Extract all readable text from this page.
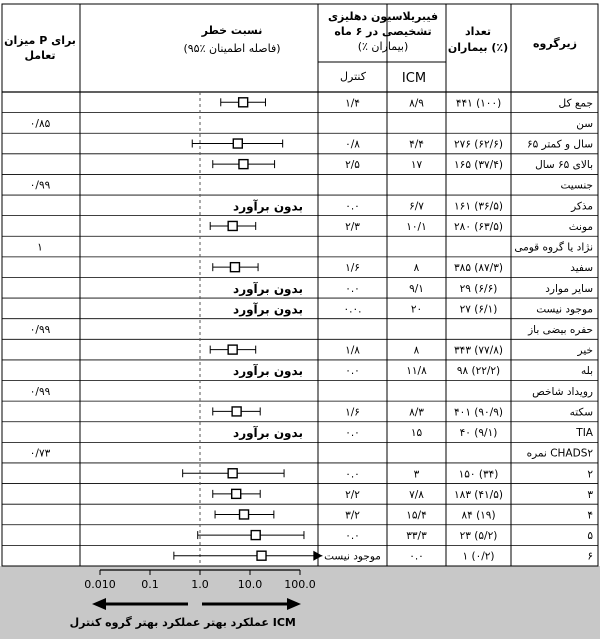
زیرگروه
تعداد
بیماران (٪)
فیبریلاسیون دهلیزی
تشخیصی در ۶ ماه
(٪ بیماران)
ICM
کنترل
نسبت خطر
(۹۵٪ فاصله اطمینان)
میزان P برای
تعامل
جمع کل
۴۴۱ (۱۰۰)
۸/۹
۱/۴
سن
۰/۸۵
۶۵ سال و کمتر
۲۷۶ (۶۲/۶)
۴/۴
۰/۸
بالای ۶۵ سال
۱۶۵ (۳۷/۴)
۱۷
۲/۵
جنسیت
۰/۹۹
مذکر
۱۶۱ (۳۶/۵)
۶/۷
۰.۰
بدون برآورد
مونث
۲۸۰ (۶۳/۵)
۱۰/۱
۲/۳
نژاد یا گروه قومی
۱
سفید
۳۸۵ (۸۷/۳)
۸
۱/۶
سایر موارد
۲۹ (۶/۶)
۹/۱
۰.۰
بدون برآورد
موجود نیست
۲۷ (۶/۱)
۲۰
۰.۰.
بدون برآورد
حفره بیضی باز
۰/۹۹
خیر
۳۴۳ (۷۷/۸)
۸
۱/۸
بله
۹۸ (۲۲/۲)
۱۱/۸
۰.۰
بدون برآورد
رویداد شاخص
۰/۹۹
سکته
۴۰۱ (۹۰/۹)
۸/۳
۱/۶
TIA
۴۰ (۹/۱)
۱۵
۰.۰
بدون برآورد
نمره CHADS۲
۰/۷۳
۲
۱۵۰ (۳۴)
۳
۰.۰
۳
۱۸۳ (۴۱/۵)
۷/۸
۲/۲
۴
۸۴ (۱۹)
۱۵/۴
۳/۲
۵
۲۳ (۵/۲)
۳۳/۳
۰.۰
۶
۱ (۰/۲)
۰.۰
موجود نیست
0.010 0.1	1.0	10.0 100.0
عملکرد بهتر گروه کنترل عملکرد بهتر ICM
